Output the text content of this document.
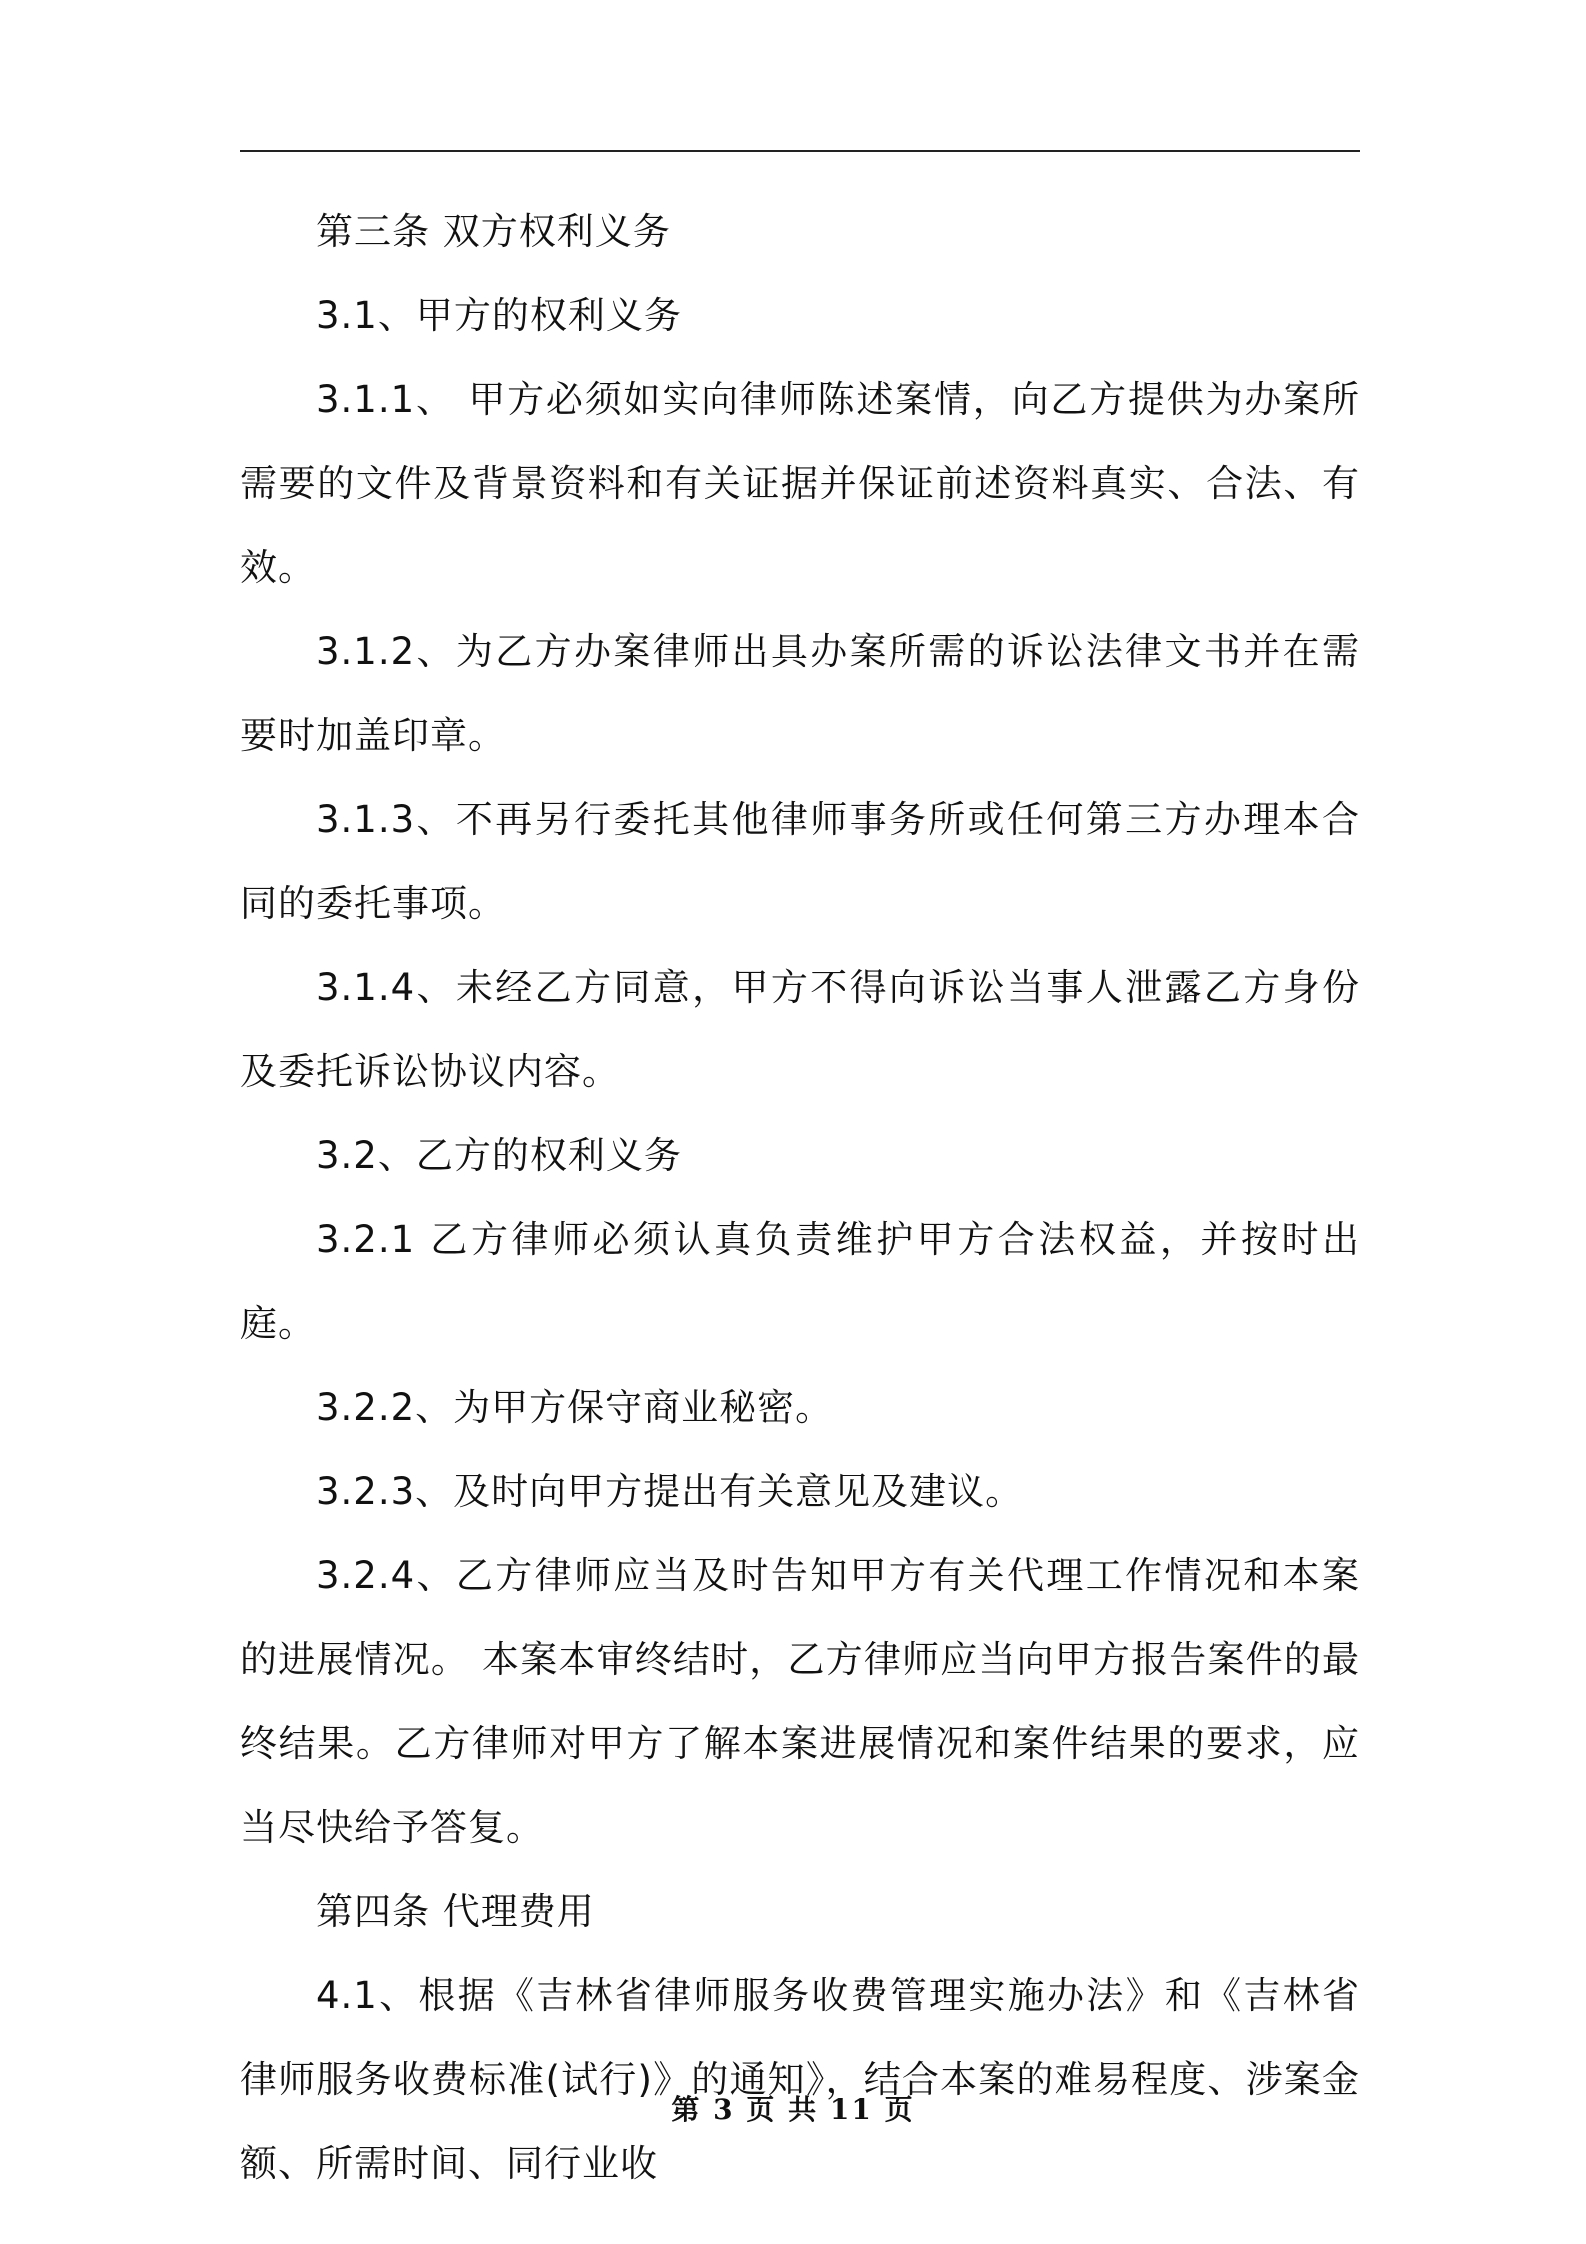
第三条 双方权利义务

3.1、甲方的权利义务

3.1.1、 甲方必须如实向律师陈述案情，向乙方提供为办案所需要的文件及背景资料和有关证据并保证前述资料真实、合法、有效。

3.1.2、为乙方办案律师出具办案所需的诉讼法律文书并在需要时加盖印章。

3.1.3、不再另行委托其他律师事务所或任何第三方办理本合同的委托事项。

3.1.4、未经乙方同意，甲方不得向诉讼当事人泄露乙方身份及委托诉讼协议内容。

3.2、乙方的权利义务

3.2.1 乙方律师必须认真负责维护甲方合法权益，并按时出庭。

3.2.2、为甲方保守商业秘密。

3.2.3、及时向甲方提出有关意见及建议。

3.2.4、乙方律师应当及时告知甲方有关代理工作情况和本案的进展情况。 本案本审终结时，乙方律师应当向甲方报告案件的最终结果。乙方律师对甲方了解本案进展情况和案件结果的要求，应当尽快给予答复。

第四条 代理费用

4.1、根据《吉林省律师服务收费管理实施办法》和《吉林省律师服务收费标准(试行)》的通知》，结合本案的难易程度、涉案金额、所需时间、同行业收

第 3 页 共 11 页
